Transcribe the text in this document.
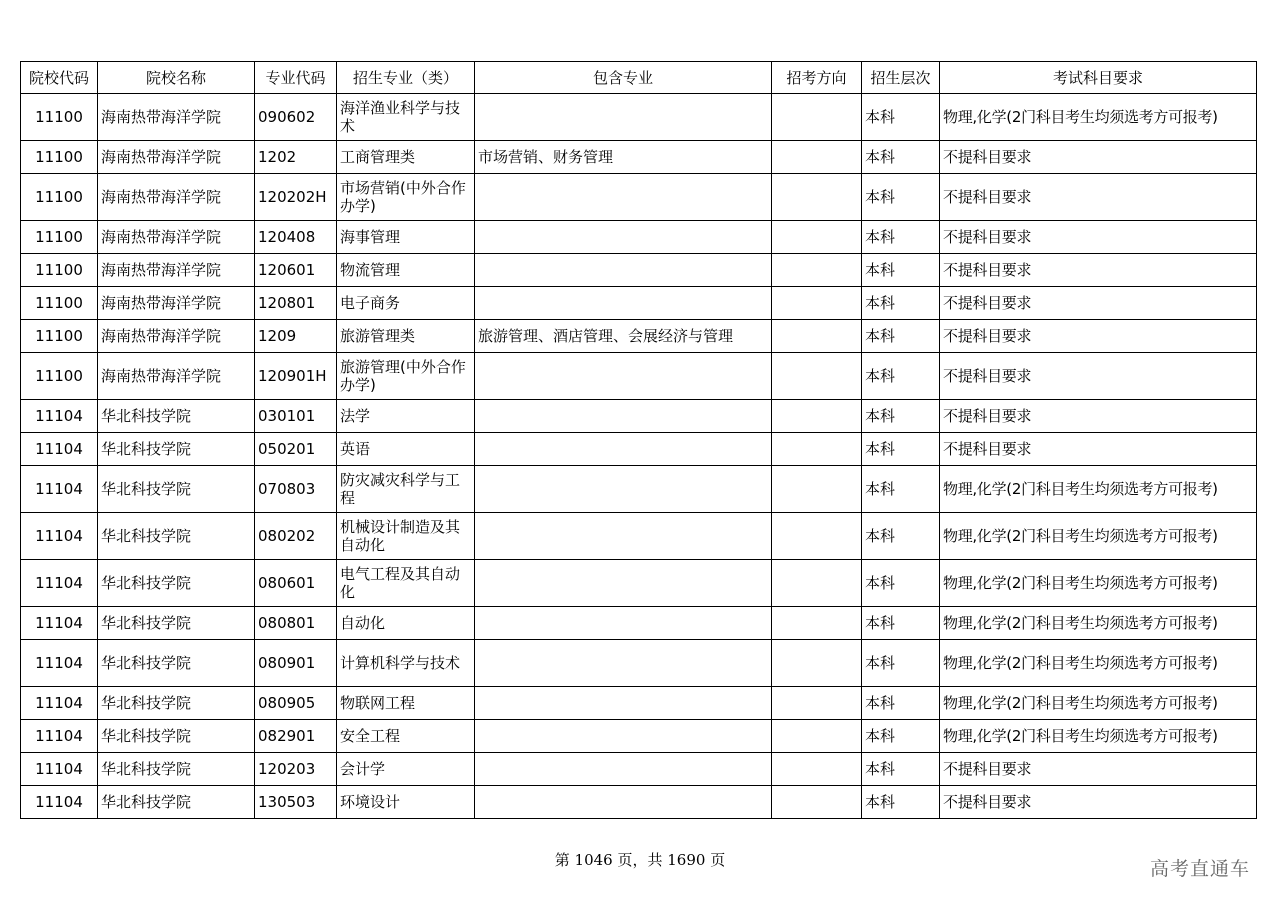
院校代码	院校名称	专业代码	招生专业（类）	包含专业	招考方向	招生层次	考试科目要求
11100	海南热带海洋学院	090602	海洋渔业科学与技术			本科	物理,化学(2门科目考生均须选考方可报考)
11100	海南热带海洋学院	1202	工商管理类	市场营销、财务管理		本科	不提科目要求
11100	海南热带海洋学院	120202H	市场营销(中外合作办学)			本科	不提科目要求
11100	海南热带海洋学院	120408	海事管理			本科	不提科目要求
11100	海南热带海洋学院	120601	物流管理			本科	不提科目要求
11100	海南热带海洋学院	120801	电子商务			本科	不提科目要求
11100	海南热带海洋学院	1209	旅游管理类	旅游管理、酒店管理、会展经济与管理		本科	不提科目要求
11100	海南热带海洋学院	120901H	旅游管理(中外合作办学)			本科	不提科目要求
11104	华北科技学院	030101	法学			本科	不提科目要求
11104	华北科技学院	050201	英语			本科	不提科目要求
11104	华北科技学院	070803	防灾减灾科学与工程			本科	物理,化学(2门科目考生均须选考方可报考)
11104	华北科技学院	080202	机械设计制造及其自动化			本科	物理,化学(2门科目考生均须选考方可报考)
11104	华北科技学院	080601	电气工程及其自动化			本科	物理,化学(2门科目考生均须选考方可报考)
11104	华北科技学院	080801	自动化			本科	物理,化学(2门科目考生均须选考方可报考)
11104	华北科技学院	080901	计算机科学与技术			本科	物理,化学(2门科目考生均须选考方可报考)
11104	华北科技学院	080905	物联网工程			本科	物理,化学(2门科目考生均须选考方可报考)
11104	华北科技学院	082901	安全工程			本科	物理,化学(2门科目考生均须选考方可报考)
11104	华北科技学院	120203	会计学			本科	不提科目要求
11104	华北科技学院	130503	环境设计			本科	不提科目要求
第 1046 页，共 1690 页	高考直通车
